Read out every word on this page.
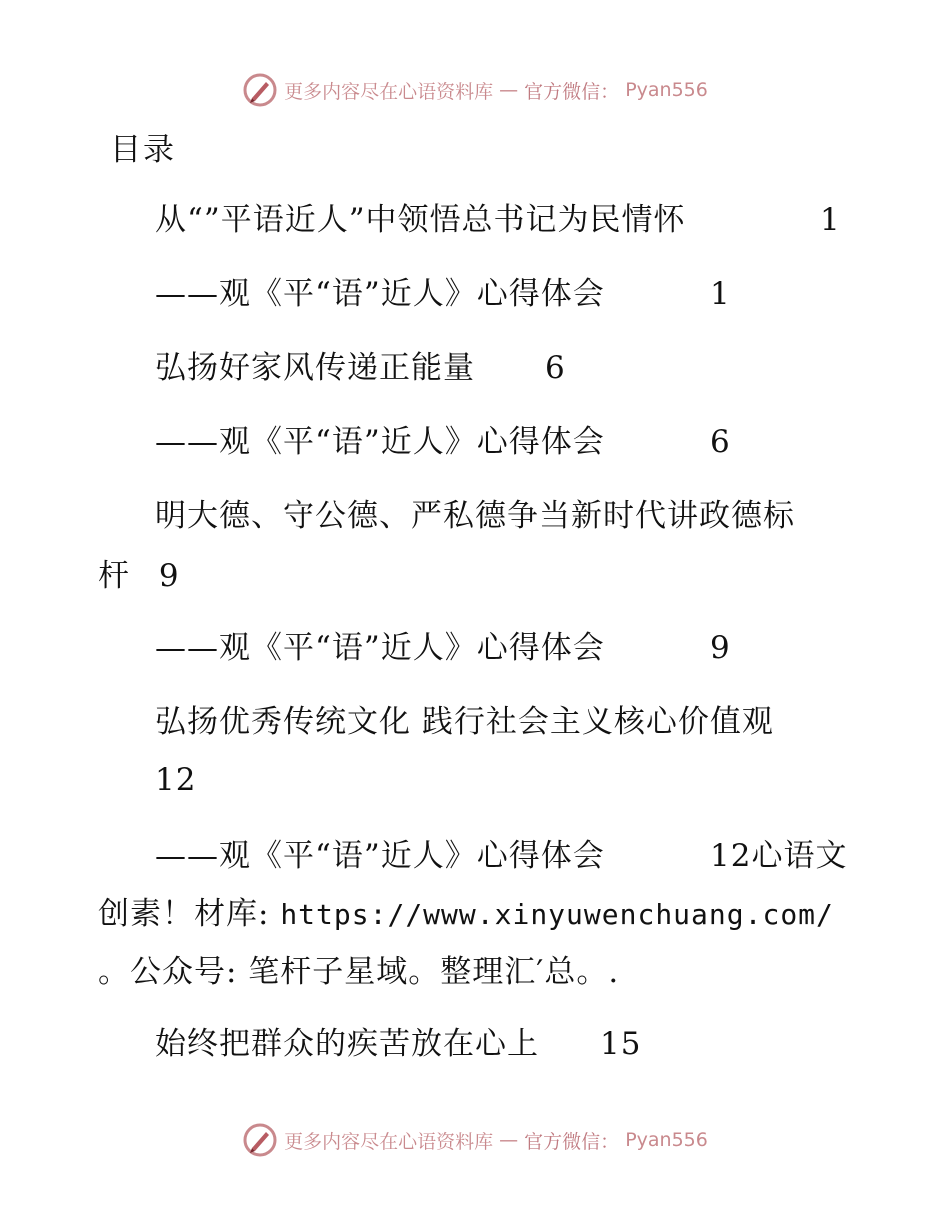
更多内容尽在心语资料库 — 官方微信： Pyan556
目录
从“”平语近人”中领悟总书记为民情怀	1
——观《平“语”近人》心得体会	1
弘扬好家风传递正能量 6
——观《平“语”近人》心得体会	6
明大德、守公德、严私德争当新时代讲政德标
杆 9
——观《平“语”近人》心得体会	9
弘扬优秀传统文化 践行社会主义核心价值观
12
——观《平“语”近人》心得体会	12心语文
创素！材库: https://www.xinyuwenchuang.com/
。公众号: 笔杆子星域。整理汇′总。.
始终把群众的疾苦放在心上 15
更多内容尽在心语资料库 — 官方微信： Pyan556
